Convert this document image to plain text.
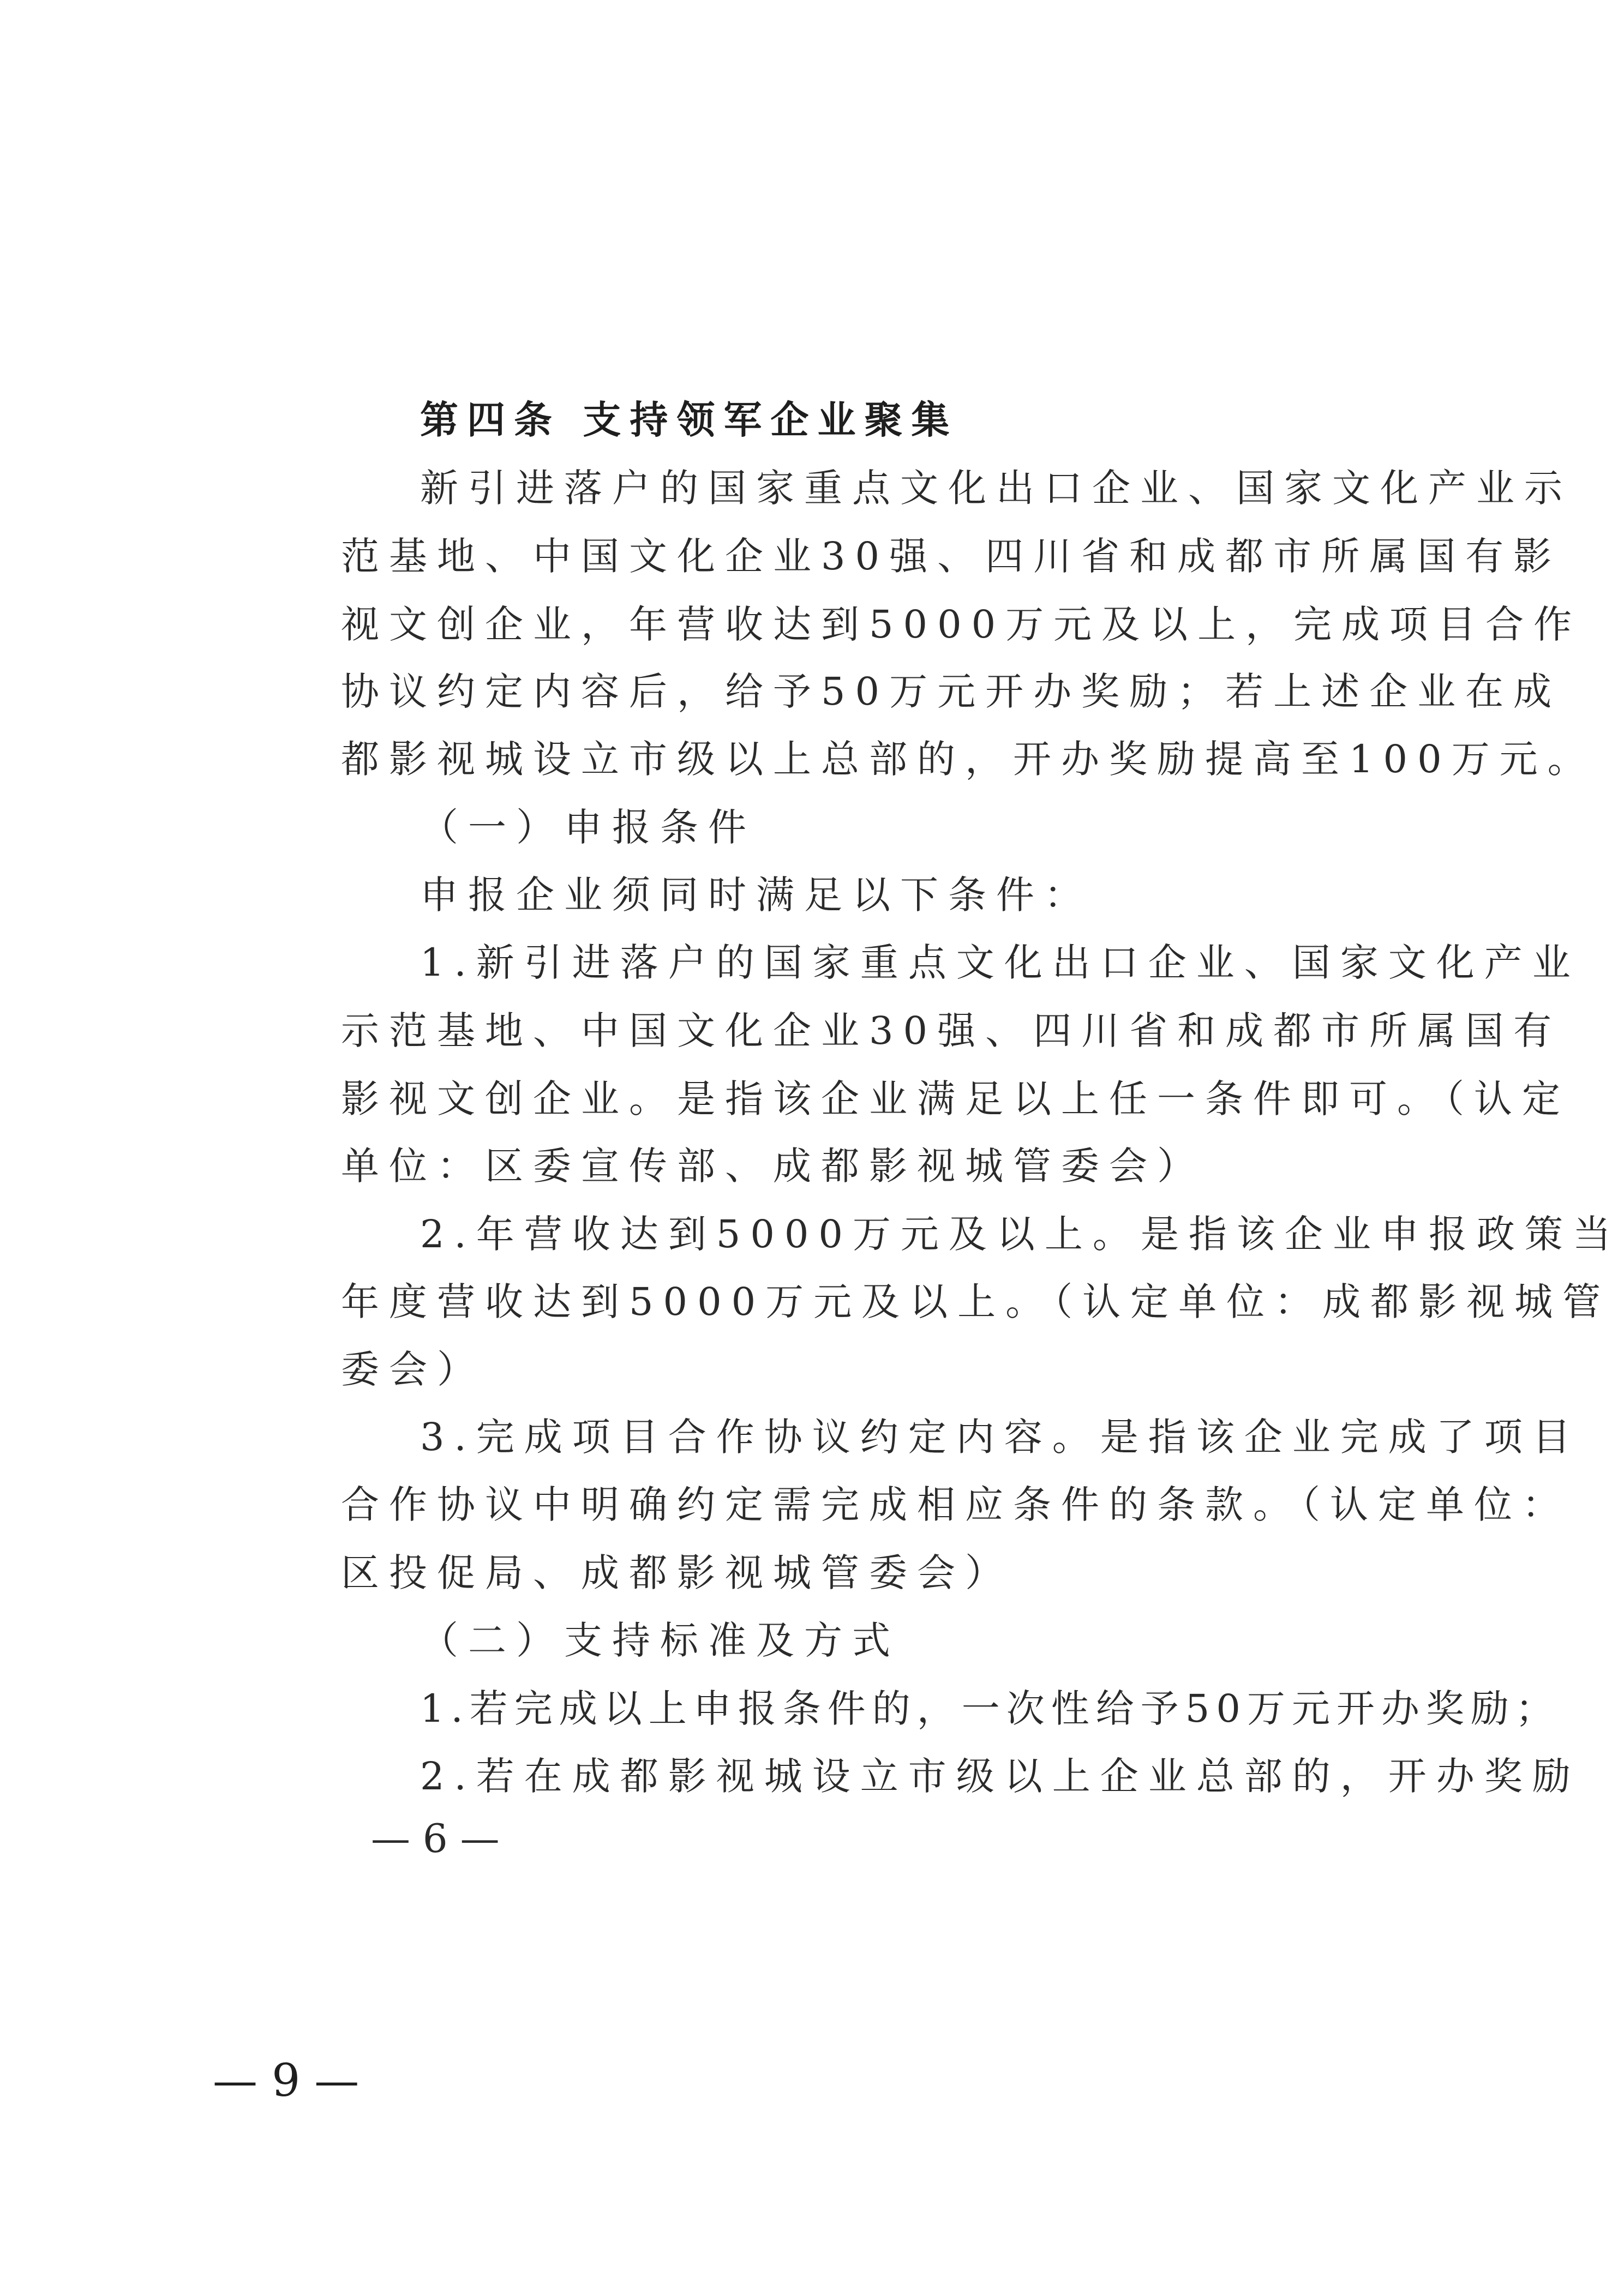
第四条 支持领军企业聚集
新引进落户的国家重点文化出口企业、国家文化产业示
范基地、中国文化企业30强、四川省和成都市所属国有影
视文创企业，年营收达到5000万元及以上，完成项目合作
协议约定内容后，给予50万元开办奖励；若上述企业在成
都影视城设立市级以上总部的，开办奖励提高至100万元。
（一）申报条件
申报企业须同时满足以下条件：
1.新引进落户的国家重点文化出口企业、国家文化产业
示范基地、中国文化企业30强、四川省和成都市所属国有
影视文创企业。是指该企业满足以上任一条件即可。（认定
单位：区委宣传部、成都影视城管委会）
2.年营收达到5000万元及以上。是指该企业申报政策当
年度营收达到5000万元及以上。（认定单位：成都影视城管
委会）
3.完成项目合作协议约定内容。是指该企业完成了项目
合作协议中明确约定需完成相应条件的条款。（认定单位：
区投促局、成都影视城管委会）
（二）支持标准及方式
1.若完成以上申报条件的，一次性给予50万元开办奖励；
2.若在成都影视城设立市级以上企业总部的，开办奖励
— 6 —
— 9 —
